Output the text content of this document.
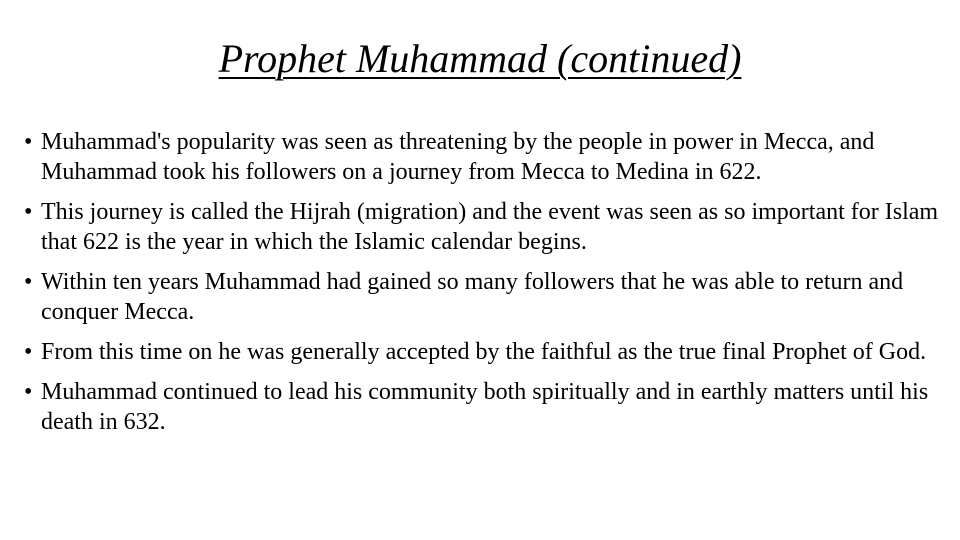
Prophet Muhammad (continued)
• Muhammad's popularity was seen as threatening by the people in power in Mecca, and Muhammad took his followers on a journey from Mecca to Medina in 622.
• This journey is called the Hijrah (migration) and the event was seen as so important for Islam that 622 is the year in which the Islamic calendar begins.
• Within ten years Muhammad had gained so many followers that he was able to return and conquer Mecca.
• From this time on he was generally accepted by the faithful as the true final Prophet of God.
• Muhammad continued to lead his community both spiritually and in earthly matters until his death in 632.
